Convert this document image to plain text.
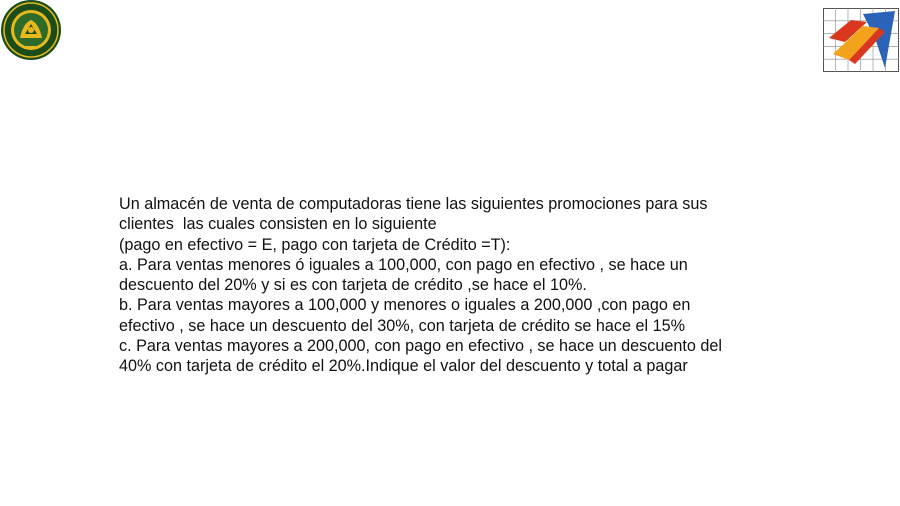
Un almacén de venta de computadoras tiene las siguientes promociones para sus
clientes  las cuales consisten en lo siguiente
(pago en efectivo = E, pago con tarjeta de Crédito =T):
a. Para ventas menores ó iguales a 100,000, con pago en efectivo , se hace un
descuento del 20% y si es con tarjeta de crédito ,se hace el 10%.
b. Para ventas mayores a 100,000 y menores o iguales a 200,000 ,con pago en
efectivo , se hace un descuento del 30%, con tarjeta de crédito se hace el 15%
c. Para ventas mayores a 200,000, con pago en efectivo , se hace un descuento del
40% con tarjeta de crédito el 20%.Indique el valor del descuento y total a pagar
